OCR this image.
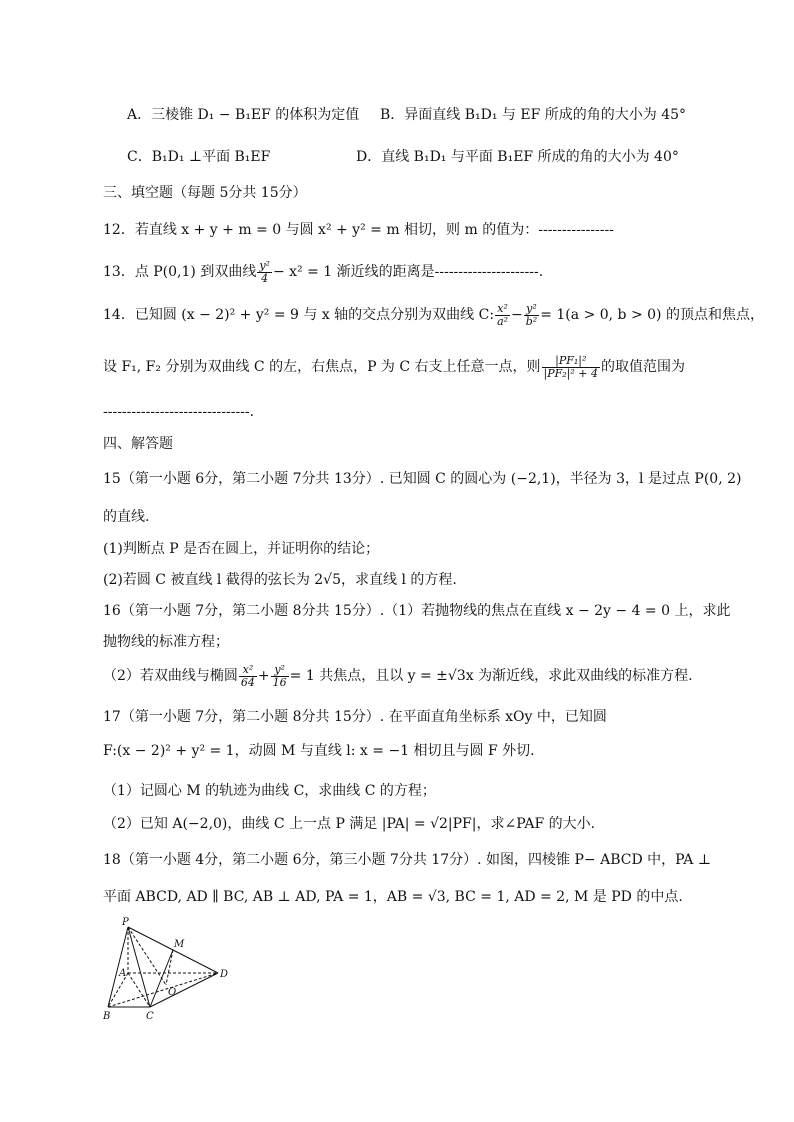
A．三棱锥 D₁ − B₁EF 的体积为定值 B．异面直线 B₁D₁ 与 EF 所成的角的大小为 45°
C．B₁D₁ ⊥平面 B₁EF	D．直线 B₁D₁ 与平面 B₁EF 所成的角的大小为 40°
三、填空题（每题 5分共 15分）
12．若直线 x + y + m = 0 与圆 x² + y² = m 相切，则 m 的值为：----------------
13．点 P(0,1) 到双曲线 $\frac{\text{y²}}{4} - x^2 = 1$ 渐近线的距离是----------------------.
14．已知圆 (x − 2)² + y² = 9 与 x 轴的交点分别为双曲线 C: $\frac{\text{x²}}{\text{a²}} - \frac{\text{y²}}{\text{b²}} = 1(a > 0$, b > 0) 的顶点和焦点，
设 F₁, F₂ 分别为双曲线 C 的左，右焦点，P 为 C 右支上任意一点，则 $\frac{\text{|PF₁|²}}{\text{|PF₂|² + 4}}$ 的取值范围为
-------------------------------.
四、解答题
15（第一小题 6分，第二小题 7分共 13分）. 已知圆 C 的圆心为 (−2,1)，半径为 3，l 是过点 P(0, 2)
的直线.
(1)判断点 P 是否在圆上，并证明你的结论；
(2)若圆 C 被直线 l 截得的弦长为 2√5，求直线 l 的方程.
16（第一小题 7分，第二小题 8分共 15分）.（1）若抛物线的焦点在直线 x − 2y − 4 = 0 上，求此
抛物线的标准方程；
（2）若双曲线与椭圆 $\frac{\text{x²}}{64} + \frac{\text{y²}}{16} = 1$ 共焦点，且以 y = ±√3x 为渐近线，求此双曲线的标准方程.
17（第一小题 7分，第二小题 8分共 15分）. 在平面直角坐标系 xOy 中，已知圆
F:(x − 2)² + y² = 1，动圆 M 与直线 l: x = −1 相切且与圆 F 外切.
（1）记圆心 M 的轨迹为曲线 C，求曲线 C 的方程；
（2）已知 A(−2,0)，曲线 C 上一点 P 满足 |PA| = √2|PF|，求∠PAF 的大小.
18（第一小题 4分，第二小题 6分，第三小题 7分共 17分）. 如图，四棱锥 P− ABCD 中，PA ⊥
平面 ABCD, AD ∥ BC, AB ⊥ AD, PA = 1，AB = √3, BC = 1, AD = 2, M 是 PD 的中点.
P
M
A	D
O
B	C
